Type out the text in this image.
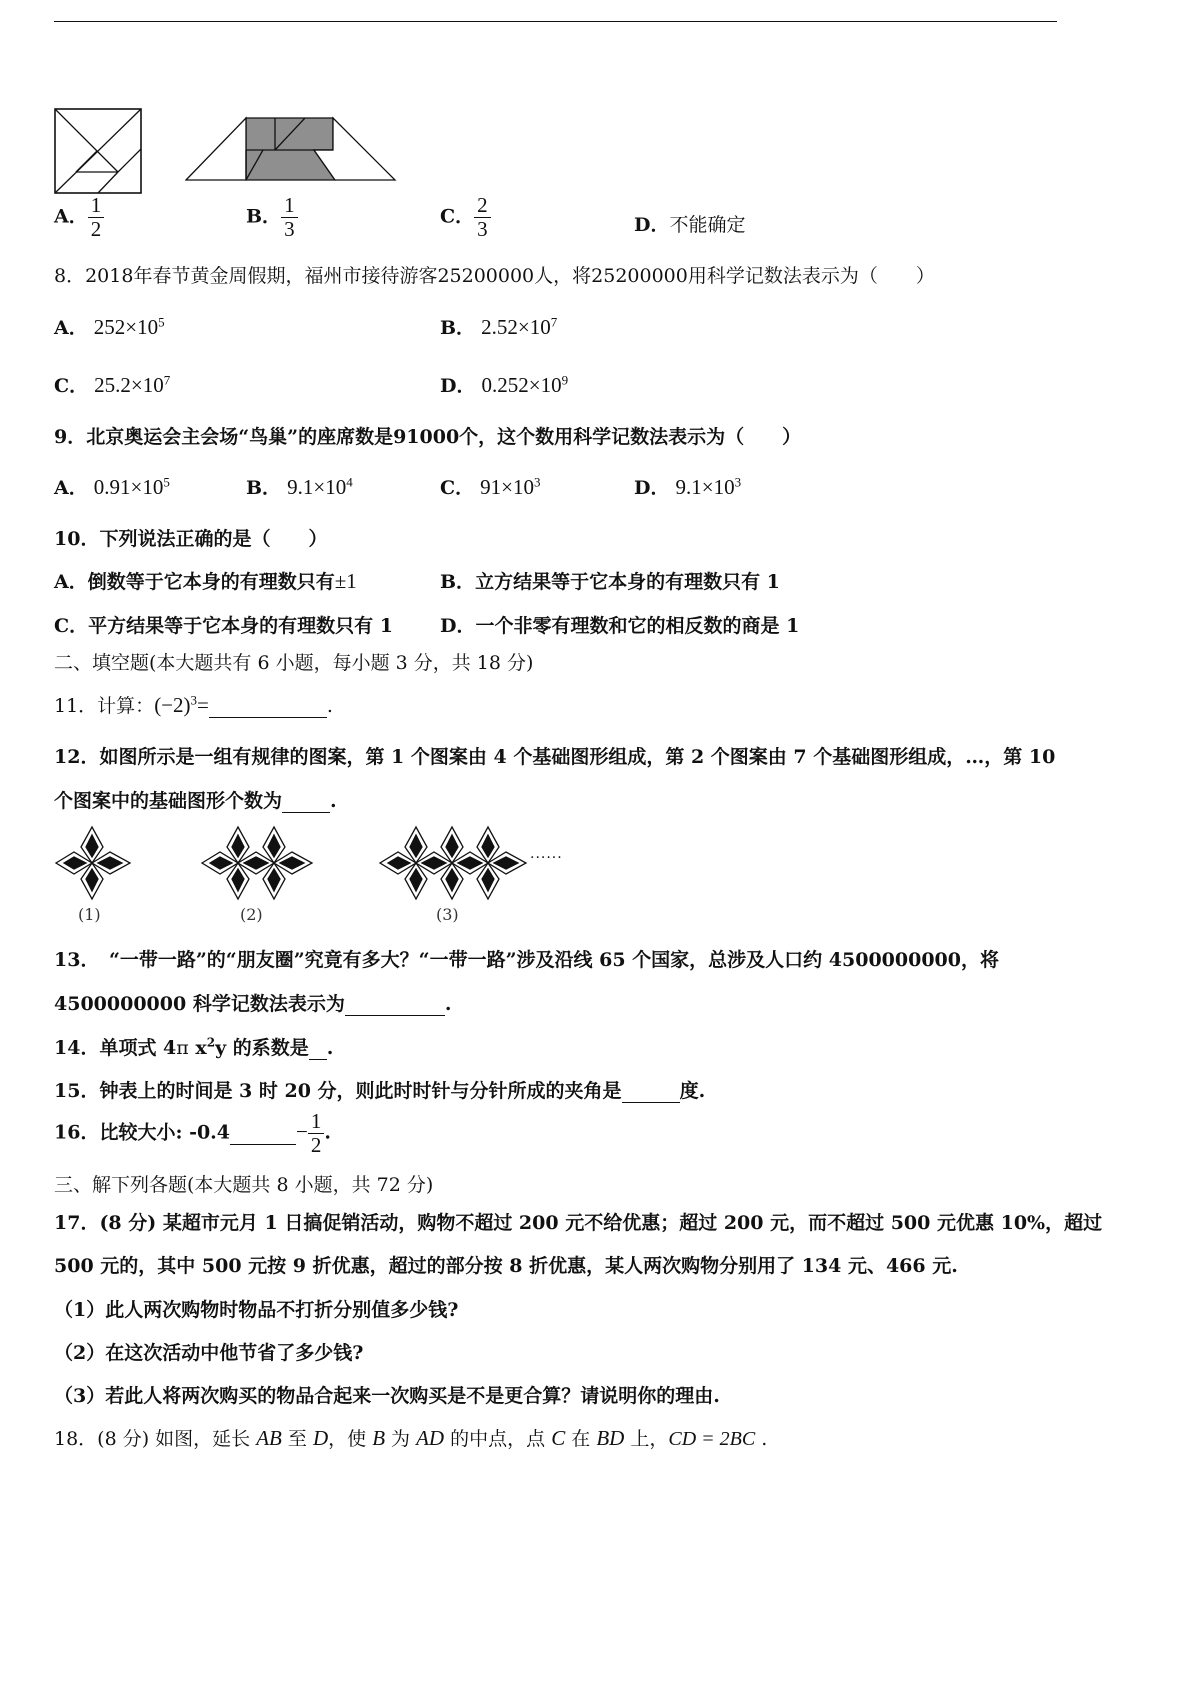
A． $\frac{1}{2}$	B． $\frac{1}{3}$	C． $\frac{2}{3}$	D．不能确定
8．2018年春节黄金周假期，福州市接待游客25200000人，将25200000用科学记数法表示为（　　）
A． $252\times 10^5$	B． $2.52\times 10^7$
C． $25.2\times 10^7$	D． $0.252\times 10^9$
9．北京奥运会主会场“鸟巢”的座席数是91000个，这个数用科学记数法表示为（　　）
A． $0.91\times 10^5$	B． $9.1\times 10^4$	C． $91\times 10^3$	D． $9.1\times 10^3$
10．下列说法正确的是（　　）
A．倒数等于它本身的有理数只有±1	B．立方结果等于它本身的有理数只有 1
C．平方结果等于它本身的有理数只有 1 D．一个非零有理数和它的相反数的商是 1
二、填空题(本大题共有 6 小题，每小题 3 分，共 18 分)
11．计算：$(-2)^3=$	.
12．如图所示是一组有规律的图案，第 1 个图案由 4 个基础图形组成，第 2 个图案由 7 个基础图形组成，…，第 10
个图案中的基础图形个数为	.
......
(1)	(2)	(3)
13．　“一带一路”的“朋友圈”究竟有多大？“一带一路”涉及沿线 65 个国家，总涉及人口约 4500000000，将
4500000000 科学记数法表示为	.
14．单项式 4π $x^2y$ 的系数是 .
15．钟表上的时间是 3 时 20 分，则此时时针与分针所成的夹角是	度.
16．比较大小: -0.4	− $\frac{1}{2}$ .
三、解下列各题(本大题共 8 小题，共 72 分)
17．(8 分) 某超市元月 1 日搞促销活动，购物不超过 200 元不给优惠；超过 200 元，而不超过 500 元优惠 10%，超过
500 元的，其中 500 元按 9 折优惠，超过的部分按 8 折优惠，某人两次购物分别用了 134 元、466 元.
（1）此人两次购物时物品不打折分别值多少钱?
（2）在这次活动中他节省了多少钱?
（3）若此人将两次购买的物品合起来一次购买是不是更合算？请说明你的理由.
18．(8 分) 如图，延长 AB 至 D，使 B 为 AD 的中点，点 C 在 BD 上，CD = 2BC .
